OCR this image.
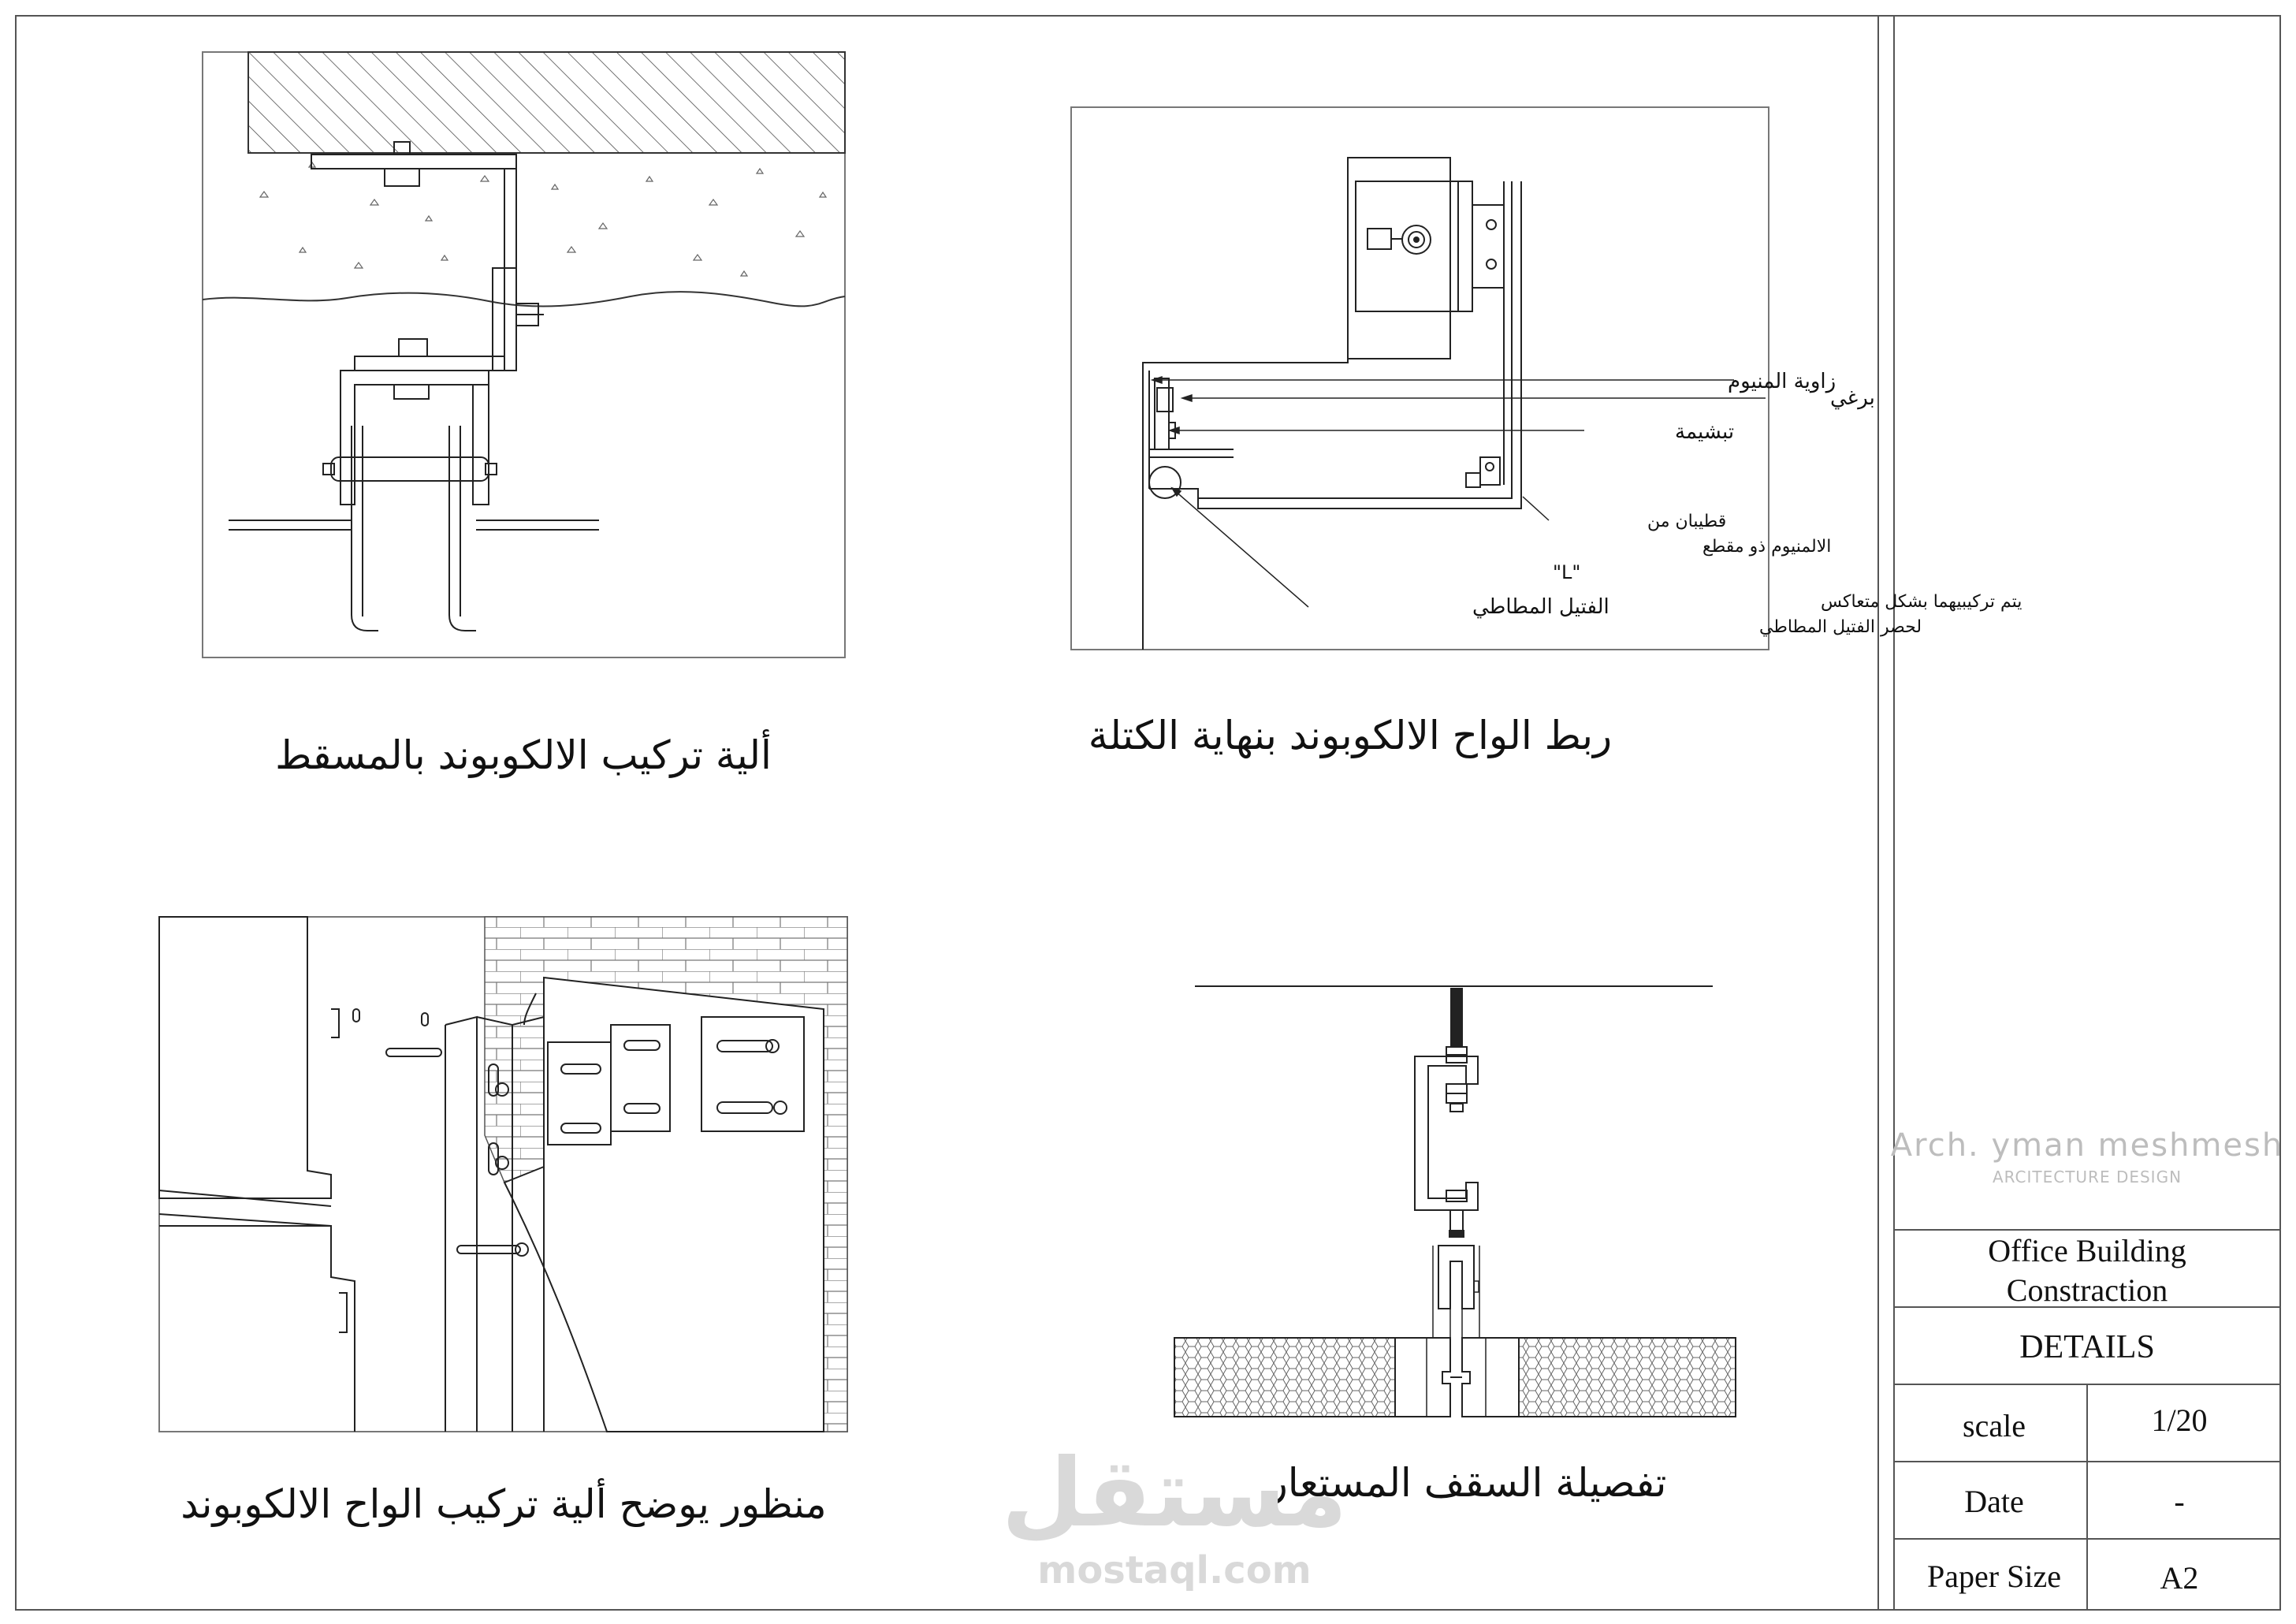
ألية تركيب الالكوبوند بالمسقط
زاوية المنيوم
برغي
تبشيمة
الفتيل المطاطي
قطيبان من
الالمنيوم ذو مقطع
"L"
يتم تركيبيهما بشكل متعاكس
لحصر الفتيل المطاطي
ربط الواح الالكوبوند بنهاية الكتلة
منظور يوضح ألية تركيب الواح الالكوبوند	تفصيلة السقف المستعار
مستقل
mostaql.com
Arch. yman meshmesh
ARCITECTURE DESIGN
Office Building
Constraction
DETAILS
scale	1/20
Date	-
Paper Size	A2
